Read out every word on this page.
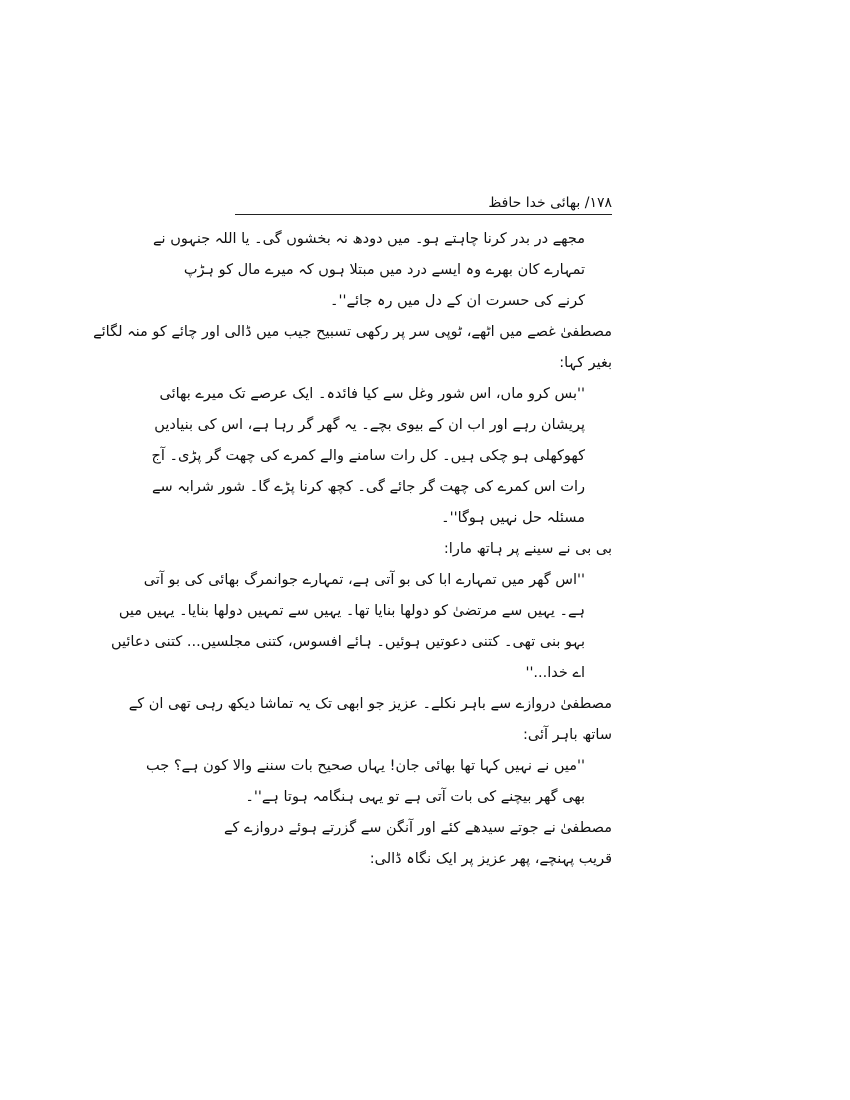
۱۷۸/ بھائی خدا حافظ
مجھے در بدر کرنا چاہتے ہو۔ میں دودھ نہ بخشوں گی۔ یا اللہ جنہوں نے
تمہارے کان بھرے وہ ایسے درد میں مبتلا ہوں کہ میرے مال کو ہڑپ
کرنے کی حسرت ان کے دل میں رہ جائے''۔
مصطفیٰ غصے میں اٹھے، ٹوپی سر پر رکھی تسبیح جیب میں ڈالی اور چائے کو منہ لگائے
بغیر کہا:
''بس کرو ماں، اس شور وغل سے کیا فائدہ۔ ایک عرصے تک میرے بھائی
پریشان رہے اور اب ان کے بیوی بچے۔ یہ گھر گر رہا ہے، اس کی بنیادیں
کھوکھلی ہو چکی ہیں۔ کل رات سامنے والے کمرے کی چھت گر پڑی۔ آج
رات اس کمرے کی چھت گر جائے گی۔ کچھ کرنا پڑے گا۔ شور شرابہ سے
مسئلہ حل نہیں ہوگا''۔
بی بی نے سینے پر ہاتھ مارا:
''اس گھر میں تمہارے ابا کی بو آتی ہے، تمہارے جوانمرگ بھائی کی بو آتی
ہے۔ یہیں سے مرتضیٰ کو دولھا بنایا تھا۔ یہیں سے تمہیں دولھا بنایا۔ یہیں میں
بہو بنی تھی۔ کتنی دعوتیں ہوئیں۔ ہائے افسوس، کتنی مجلسیں... کتنی دعائیں
اے خدا...''
مصطفیٰ دروازے سے باہر نکلے۔ عزیز جو ابھی تک یہ تماشا دیکھ رہی تھی ان کے
ساتھ باہر آئی:
''میں نے نہیں کہا تھا بھائی جان! یہاں صحیح بات سننے والا کون ہے؟ جب
بھی گھر بیچنے کی بات آتی ہے تو یہی ہنگامہ ہوتا ہے''۔
مصطفیٰ نے جوتے سیدھے کئے اور آنگن سے گزرتے ہوئے دروازے کے
قریب پہنچے، پھر عزیز پر ایک نگاہ ڈالی:
